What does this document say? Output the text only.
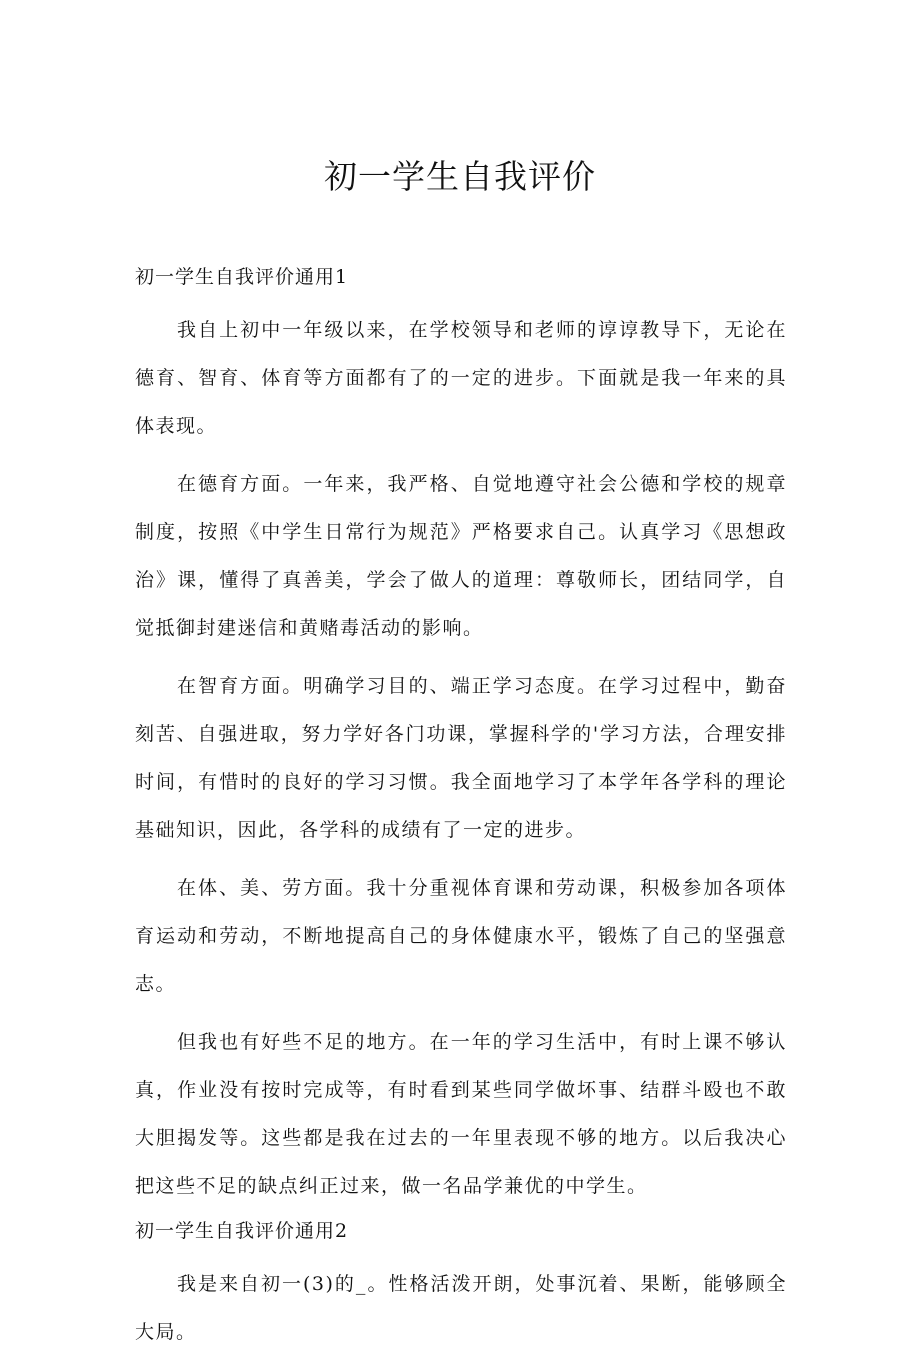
初一学生自我评价
初一学生自我评价通用1

我自上初中一年级以来，在学校领导和老师的谆谆教导下，无论在德育、智育、体育等方面都有了的一定的进步。下面就是我一年来的具体表现。

在德育方面。一年来，我严格、自觉地遵守社会公德和学校的规章制度，按照《中学生日常行为规范》严格要求自己。认真学习《思想政治》课，懂得了真善美，学会了做人的道理：尊敬师长，团结同学，自觉抵御封建迷信和黄赌毒活动的影响。

在智育方面。明确学习目的、端正学习态度。在学习过程中，勤奋刻苦、自强进取，努力学好各门功课，掌握科学的'学习方法，合理安排时间，有惜时的良好的学习习惯。我全面地学习了本学年各学科的理论基础知识，因此，各学科的成绩有了一定的进步。

在体、美、劳方面。我十分重视体育课和劳动课，积极参加各项体育运动和劳动，不断地提高自己的身体健康水平，锻炼了自己的坚强意志。

但我也有好些不足的地方。在一年的学习生活中，有时上课不够认真，作业没有按时完成等，有时看到某些同学做坏事、结群斗殴也不敢大胆揭发等。这些都是我在过去的一年里表现不够的地方。以后我决心把这些不足的缺点纠正过来，做一名品学兼优的中学生。

初一学生自我评价通用2

我是来自初一(3)的_。性格活泼开朗，处事沉着、果断，能够顾全大局。
